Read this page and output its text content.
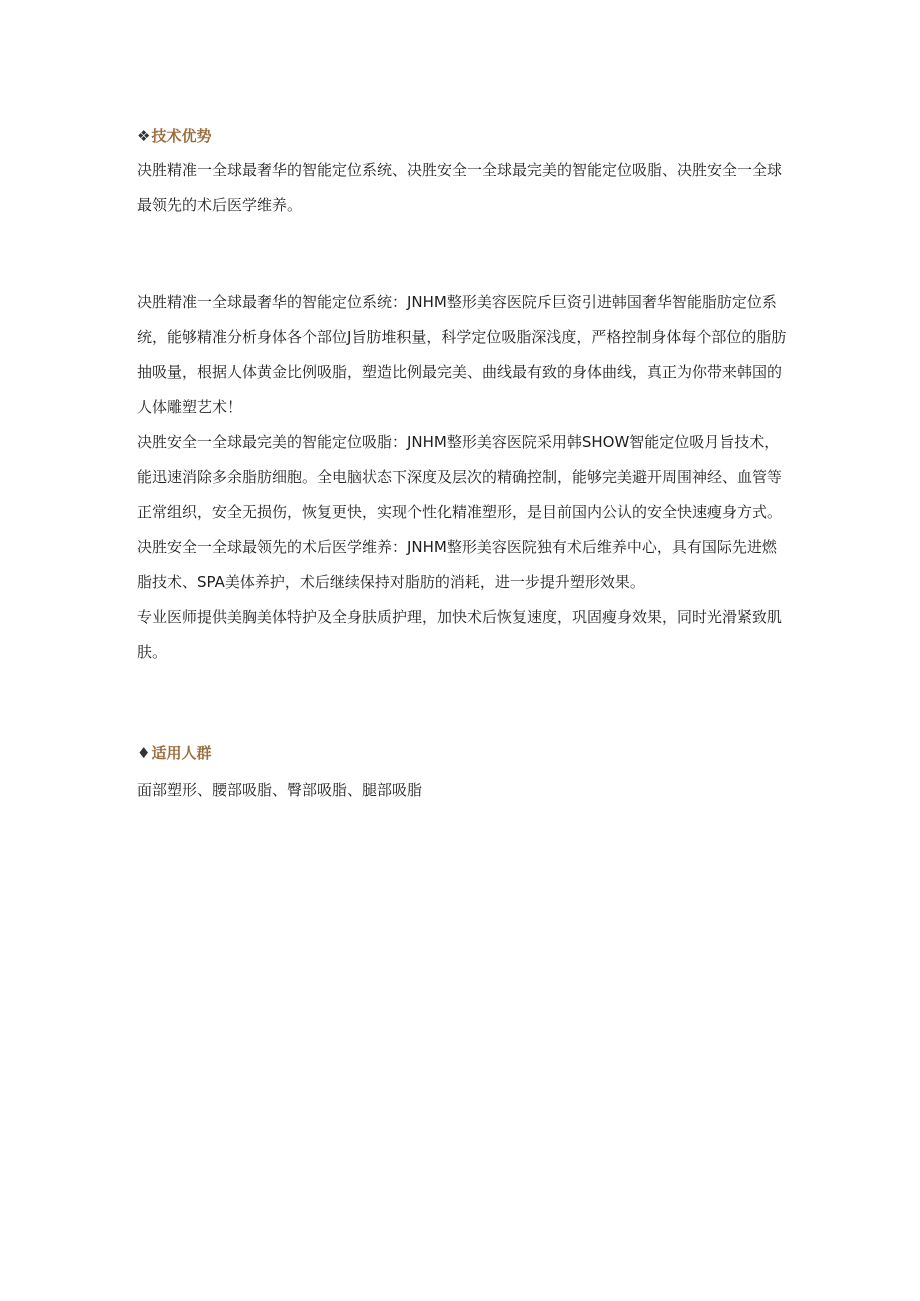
❖技术优势

决胜精准一全球最奢华的智能定位系统、决胜安全一全球最完美的智能定位吸脂、决胜安全一全球最领先的术后医学维养。

决胜精准一全球最奢华的智能定位系统：JNHM整形美容医院斥巨资引进韩国奢华智能脂肪定位系统，能够精准分析身体各个部位J旨肪堆积量，科学定位吸脂深浅度，严格控制身体每个部位的脂肪抽吸量，根据人体黄金比例吸脂，塑造比例最完美、曲线最有致的身体曲线，真正为你带来韩国的人体雕塑艺术！

决胜安全一全球最完美的智能定位吸脂：JNHM整形美容医院采用韩SHOW智能定位吸月旨技术，能迅速消除多余脂肪细胞。全电脑状态下深度及层次的精确控制，能够完美避开周围神经、血管等正常组织，安全无损伤，恢复更快，实现个性化精准塑形，是目前国内公认的安全快速瘦身方式。

决胜安全一全球最领先的术后医学维养：JNHM整形美容医院独有术后维养中心，具有国际先进燃脂技术、SPA美体养护，术后继续保持对脂肪的消耗，进一步提升塑形效果。

专业医师提供美胸美体特护及全身肤质护理，加快术后恢复速度，巩固瘦身效果，同时光滑紧致肌肤。

♦适用人群

面部塑形、腰部吸脂、臀部吸脂、腿部吸脂
